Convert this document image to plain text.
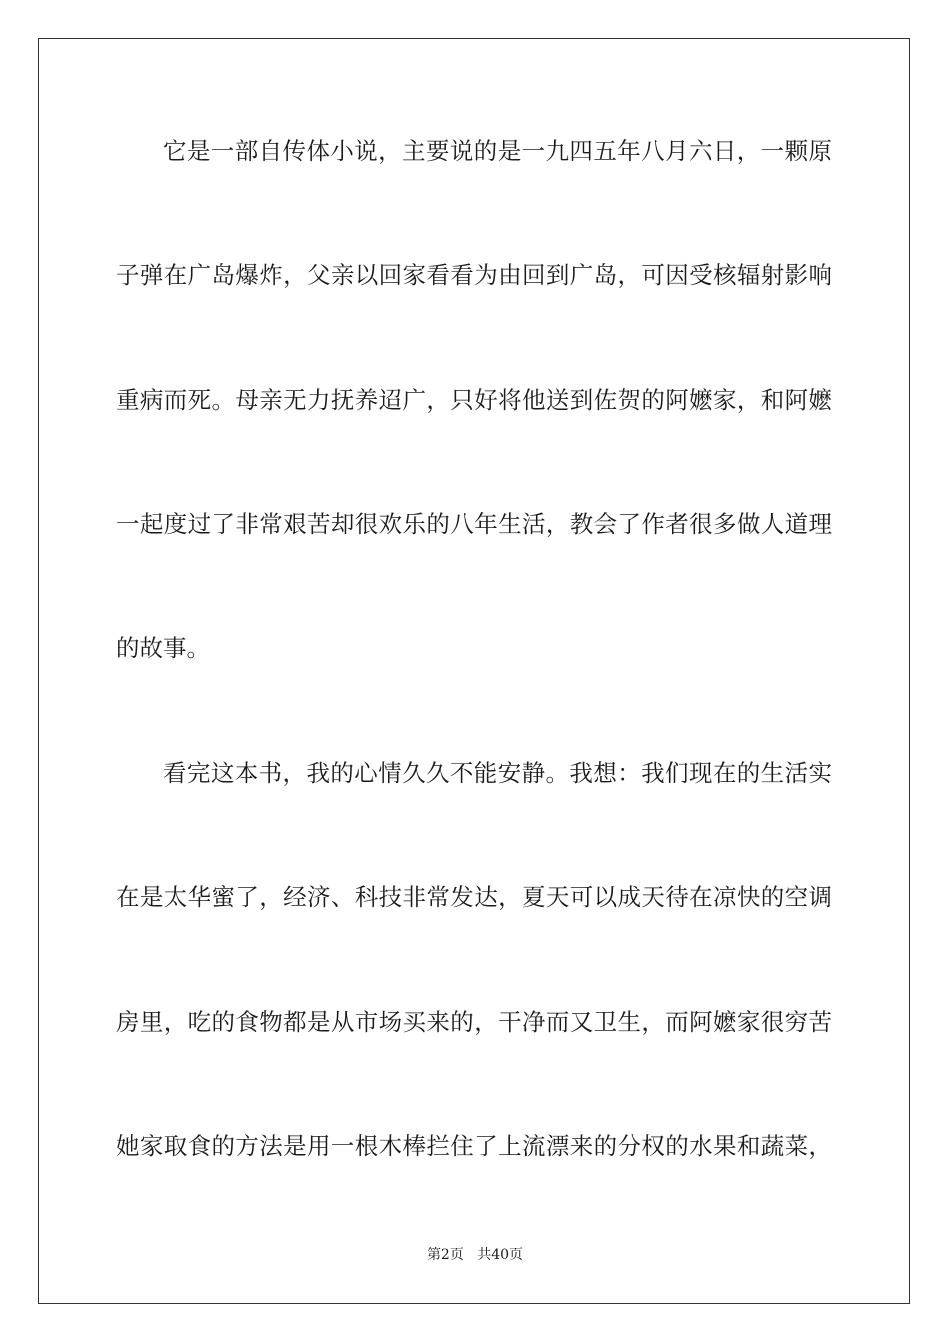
它是一部自传体小说，主要说的是一九四五年八月六日，一颗原
子弹在广岛爆炸，父亲以回家看看为由回到广岛，可因受核辐射影响
重病而死。母亲无力抚养迢广，只好将他送到佐贺的阿嬷家，和阿嬷
一起度过了非常艰苦却很欢乐的八年生活，教会了作者很多做人道理
的故事。
看完这本书，我的心情久久不能安静。我想：我们现在的生活实
在是太华蜜了，经济、科技非常发达，夏天可以成天待在凉快的空调
房里，吃的食物都是从市场买来的，干净而又卫生，而阿嬷家很穷苦
她家取食的方法是用一根木棒拦住了上流漂来的分权的水果和蔬菜，
第2页 共40页
